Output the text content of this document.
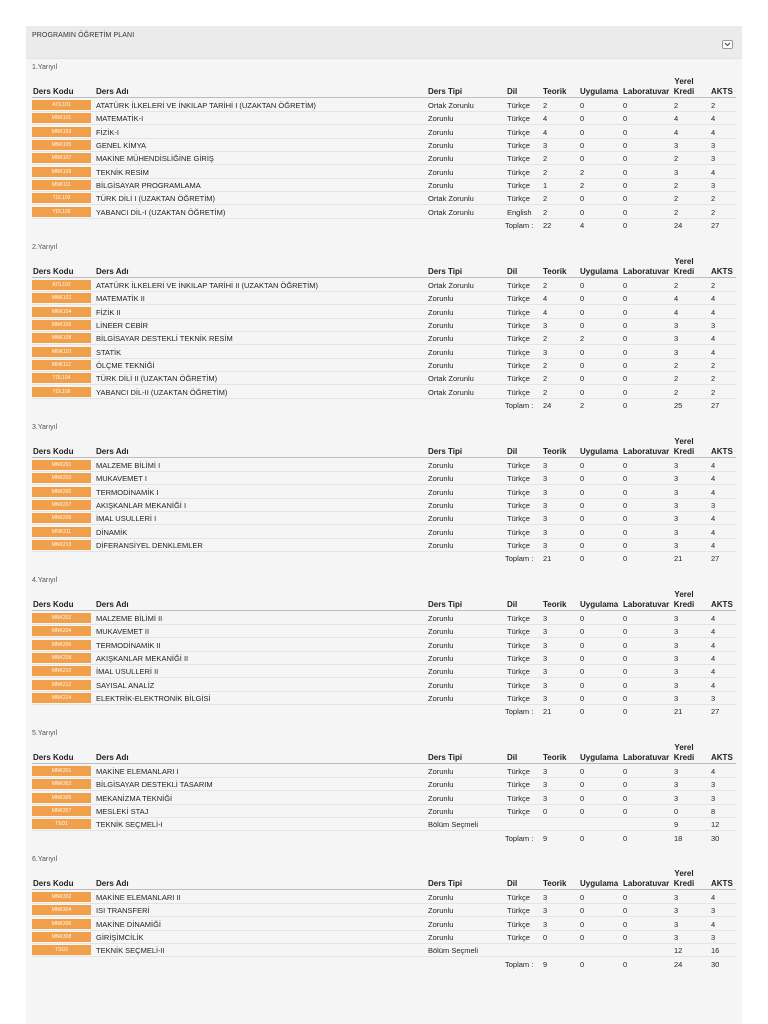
PROGRAMIN ÖĞRETİM PLANI
1.Yarıyıl
Ders Kodu	Ders Adı	Ders Tipi	Dil	Teorik Uygulama Laboratuvar
Yerel Kredi	AKTS
ATİL101	ATATÜRK İLKELERİ VE İNKILAP TARİHİ I (UZAKTAN ÖĞRETİM)	Ortak Zorunlu	Türkçe 2	0	0	2	2
MNK101	MATEMATİK-I	Zorunlu	Türkçe 4	0	0	4	4
MNK103	FİZİK-I	Zorunlu	Türkçe 4	0	0	4	4
MNK105	GENEL KİMYA	Zorunlu	Türkçe 3	0	0	3	3
MNK107	MAKİNE MÜHENDİSLİĞİNE GİRİŞ	Zorunlu	Türkçe 2	0	0	2	3
MNK109	TEKNİK RESİM	Zorunlu	Türkçe 2	2	0	3	4
MNK111	BİLGİSAYAR PROGRAMLAMA	Zorunlu	Türkçe 1	2	0	2	3
TDL103	TÜRK DİLİ I (UZAKTAN ÖĞRETİM)	Ortak Zorunlu	Türkçe 2	0	0	2	2
YDL105	YABANCI DİL-I (UZAKTAN ÖĞRETİM)	Ortak Zorunlu	English 2	0	0	2	2
Toplam : 22	4	0	24	27
2.Yarıyıl
Ders Kodu	Ders Adı	Ders Tipi	Dil	Teorik Uygulama Laboratuvar
Yerel Kredi	AKTS
ATİL102	ATATÜRK İLKELERİ VE İNKILAP TARİHİ II (UZAKTAN ÖĞRETİM)	Ortak Zorunlu	Türkçe 2	0	0	2	2
MNK102	MATEMATİK II	Zorunlu	Türkçe 4	0	0	4	4
MNK104	FİZİK II	Zorunlu	Türkçe 4	0	0	4	4
MNK106	LİNEER CEBİR	Zorunlu	Türkçe 3	0	0	3	3
MNK108	BİLGİSAYAR DESTEKLİ TEKNİK RESİM	Zorunlu	Türkçe 2	2	0	3	4
MNK110	STATİK	Zorunlu	Türkçe 3	0	0	3	4
MNK112	ÖLÇME TEKNİĞİ	Zorunlu	Türkçe 2	0	0	2	2
TDL104	TÜRK DİLİ II (UZAKTAN ÖĞRETİM)	Ortak Zorunlu	Türkçe 2	0	0	2	2
YDL106	YABANCI DİL-II (UZAKTAN ÖĞRETİM)	Ortak Zorunlu	Türkçe 2	0	0	2	2
Toplam : 24	2	0	25	27
3.Yarıyıl
Ders Kodu	Ders Adı	Ders Tipi	Dil	Teorik Uygulama Laboratuvar
Yerel Kredi	AKTS
MNK201	MALZEME BİLİMİ I	Zorunlu	Türkçe 3	0	0	3	4
MNK203	MUKAVEMET I	Zorunlu	Türkçe 3	0	0	3	4
MNK205	TERMODİNAMİK I	Zorunlu	Türkçe 3	0	0	3	4
MNK207	AKIŞKANLAR MEKANİĞİ I	Zorunlu	Türkçe 3	0	0	3	3
MNK209	İMAL USULLERİ I	Zorunlu	Türkçe 3	0	0	3	4
MNK211	DİNAMİK	Zorunlu	Türkçe 3	0	0	3	4
MNK213	DİFERANSİYEL DENKLEMLER	Zorunlu	Türkçe 3	0	0	3	4
Toplam : 21	0	0	21	27
4.Yarıyıl
Ders Kodu	Ders Adı	Ders Tipi	Dil	Teorik Uygulama Laboratuvar
Yerel Kredi	AKTS
MNK202	MALZEME BİLİMİ II	Zorunlu	Türkçe 3	0	0	3	4
MNK204	MUKAVEMET II	Zorunlu	Türkçe 3	0	0	3	4
MNK206	TERMODİNAMİK II	Zorunlu	Türkçe 3	0	0	3	4
MNK208	AKIŞKANLAR MEKANİĞİ II	Zorunlu	Türkçe 3	0	0	3	4
MNK210	İMAL USULLERİ II	Zorunlu	Türkçe 3	0	0	3	4
MNK212	SAYISAL ANALİZ	Zorunlu	Türkçe 3	0	0	3	4
MNK214	ELEKTRİK-ELEKTRONİK BİLGİSİ	Zorunlu	Türkçe 3	0	0	3	3
Toplam : 21	0	0	21	27
5.Yarıyıl
Ders Kodu	Ders Adı	Ders Tipi	Dil	Teorik Uygulama Laboratuvar
Yerel Kredi	AKTS
MNK301	MAKİNE ELEMANLARI I	Zorunlu	Türkçe 3	0	0	3	4
MNK303	BİLGİSAYAR DESTEKLİ TASARIM	Zorunlu	Türkçe 3	0	0	3	3
MNK305	MEKANİZMA TEKNİĞİ	Zorunlu	Türkçe 3	0	0	3	3
MNK307	MESLEKİ STAJ	Zorunlu	Türkçe 0	0	0	0	8
TSD1	TEKNİK SEÇMELİ-I	Bölüm Seçmeli	9	12
Toplam : 9	0	0	18	30
6.Yarıyıl
Ders Kodu	Ders Adı	Ders Tipi	Dil	Teorik Uygulama Laboratuvar
Yerel Kredi	AKTS
MNK302	MAKİNE ELEMANLARI II	Zorunlu	Türkçe 3	0	0	3	4
MNK304	ISI TRANSFERİ	Zorunlu	Türkçe 3	0	0	3	3
MNK306	MAKİNE DİNAMİĞİ	Zorunlu	Türkçe 3	0	0	3	4
MNK308	GİRİŞİMCİLİK	Zorunlu	Türkçe 0	0	0	3	3
TSD2	TEKNİK SEÇMELİ-II	Bölüm Seçmeli	12	16
Toplam : 9	0	0	24	30
